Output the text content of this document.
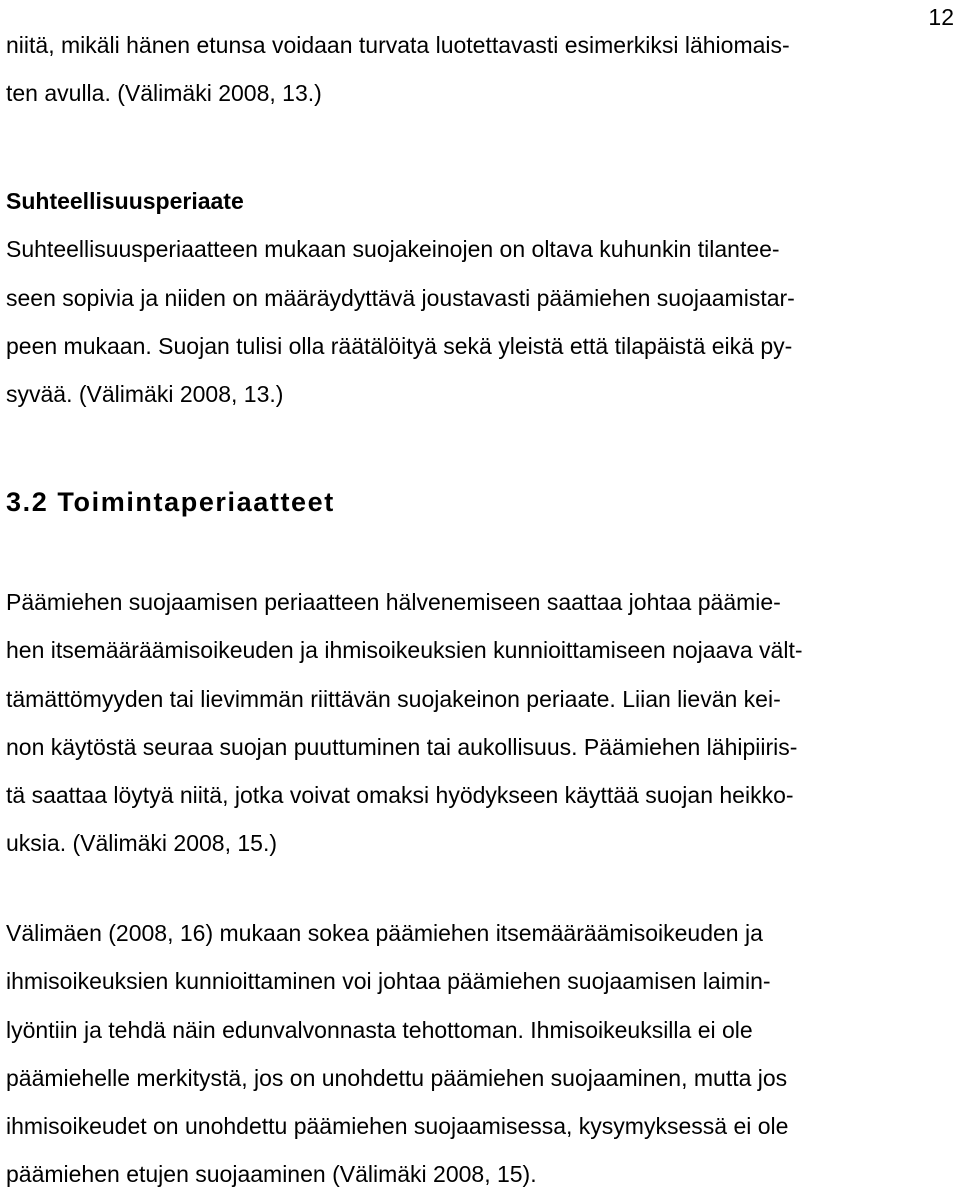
12
niitä, mikäli hänen etunsa voidaan turvata luotettavasti esimerkiksi lähiomais-
ten avulla. (Välimäki 2008, 13.)
Suhteellisuusperiaate
Suhteellisuusperiaatteen mukaan suojakeinojen on oltava kuhunkin tilantee-
seen sopivia ja niiden on määräydyttävä joustavasti päämiehen suojaamistar-
peen mukaan. Suojan tulisi olla räätälöityä sekä yleistä että tilapäistä eikä py-
syvää. (Välimäki 2008, 13.)
3.2 Toimintaperiaatteet
Päämiehen suojaamisen periaatteen hälvenemiseen saattaa johtaa päämie-
hen itsemääräämisoikeuden ja ihmisoikeuksien kunnioittamiseen nojaava vält-
tämättömyyden tai lievimmän riittävän suojakeinon periaate. Liian lievän kei-
non käytöstä seuraa suojan puuttuminen tai aukollisuus. Päämiehen lähipiiris-
tä saattaa löytyä niitä, jotka voivat omaksi hyödykseen käyttää suojan heikko-
uksia. (Välimäki 2008, 15.)
Välimäen (2008, 16) mukaan sokea päämiehen itsemääräämisoikeuden ja
ihmisoikeuksien kunnioittaminen voi johtaa päämiehen suojaamisen laimin-
lyöntiin ja tehdä näin edunvalvonnasta tehottoman. Ihmisoikeuksilla ei ole
päämiehelle merkitystä, jos on unohdettu päämiehen suojaaminen, mutta jos
ihmisoikeudet on unohdettu päämiehen suojaamisessa, kysymyksessä ei ole
päämiehen etujen suojaaminen (Välimäki 2008, 15).
